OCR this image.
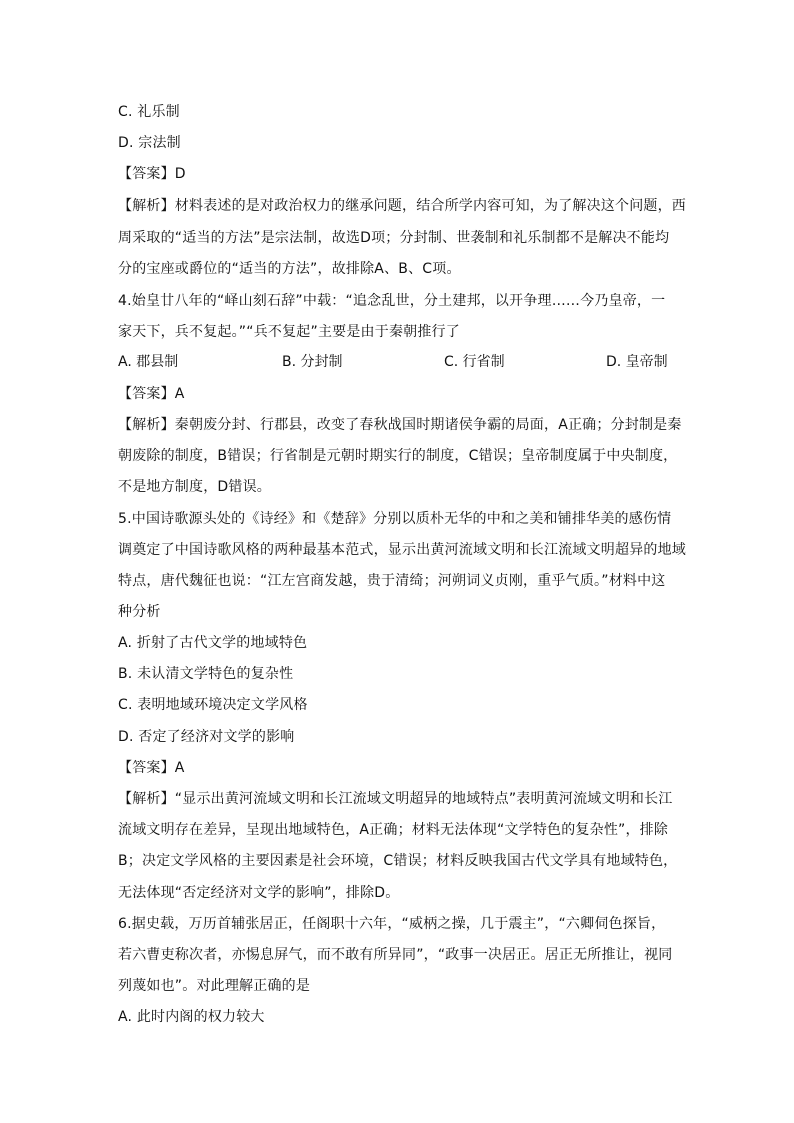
C. 礼乐制
D. 宗法制
【答案】D
【解析】材料表述的是对政治权力的继承问题，结合所学内容可知，为了解决这个问题，西
周采取的“适当的方法”是宗法制，故选D项；分封制、世袭制和礼乐制都不是解决不能均
分的宝座或爵位的“适当的方法”，故排除A、B、C项。
4.始皇廿八年的“峄山刻石辞”中载：“追念乱世，分土建邦，以开争理……今乃皇帝，一
家天下，兵不复起。”“兵不复起”主要是由于秦朝推行了
A. 郡县制	B. 分封制	C. 行省制	D. 皇帝制
【答案】A
【解析】秦朝废分封、行郡县，改变了春秋战国时期诸侯争霸的局面，A正确；分封制是秦
朝废除的制度，B错误；行省制是元朝时期实行的制度，C错误；皇帝制度属于中央制度，
不是地方制度，D错误。
5.中国诗歌源头处的《诗经》和《楚辞》分别以质朴无华的中和之美和铺排华美的感伤情
调奠定了中国诗歌风格的两种最基本范式，显示出黄河流域文明和长江流域文明超异的地域
特点，唐代魏征也说：“江左宫商发越，贵于清绮；河朔词义贞刚，重乎气质。”材料中这
种分析
A. 折射了古代文学的地域特色
B. 未认清文学特色的复杂性
C. 表明地域环境决定文学风格
D. 否定了经济对文学的影响
【答案】A
【解析】“显示出黄河流域文明和长江流域文明超异的地域特点”表明黄河流域文明和长江
流域文明存在差异，呈现出地域特色，A正确；材料无法体现“文学特色的复杂性”，排除
B；决定文学风格的主要因素是社会环境，C错误；材料反映我国古代文学具有地域特色，
无法体现“否定经济对文学的影响”，排除D。
6.据史载，万历首辅张居正，任阁职十六年，“威柄之操，几于震主”，“六卿伺色探旨，
若六曹吏称次者，亦惕息屏气，而不敢有所异同”，“政事一决居正。居正无所推让，视同
列蔑如也”。对此理解正确的是
A. 此时内阁的权力较大
